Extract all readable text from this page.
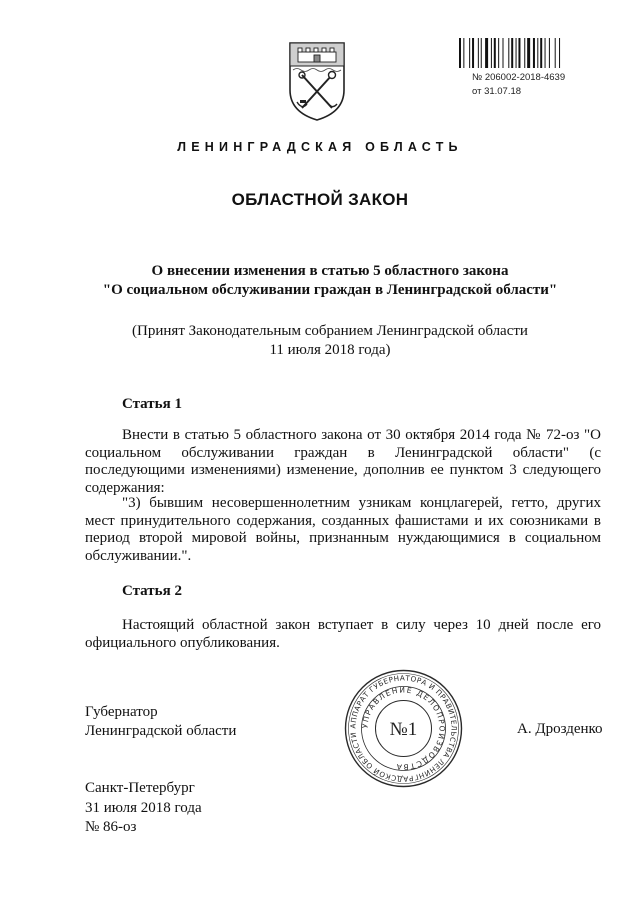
№ 206002-2018-4639
от 31.07.18
ЛЕНИНГРАДСКАЯ ОБЛАСТЬ
ОБЛАСТНОЙ ЗАКОН
О внесении изменения в статью 5 областного закона
"О социальном обслуживании граждан в Ленинградской области"
(Принят Законодательным собранием Ленинградской области
11 июля 2018 года)
Статья 1
Внести в статью 5 областного закона от 30 октября 2014 года № 72-оз "О социальном обслуживании граждан в Ленинградской области" (с последующими изменениями) изменение, дополнив ее пунктом 3 следующего содержания:
"3) бывшим несовершеннолетним узникам концлагерей, гетто, других мест принудительного содержания, созданных фашистами и их союзниками в период второй мировой войны, признанным нуждающимися в социальном обслуживании.".
Статья 2
Настоящий областной закон вступает в силу через 10 дней после его официального опубликования.
Губернатор
Ленинградской области	АППАРАТ ГУБЕРНАТОРА И ПРАВИТЕЛЬСТВА ЛЕНИНГРАДСКОЙ ОБЛАСТИ
УПРАВЛЕНИЕ ДЕЛОПРОИЗВОДСТВА
№1	А. Дрозденко
Санкт-Петербург
31 июля 2018 года
№ 86-оз
